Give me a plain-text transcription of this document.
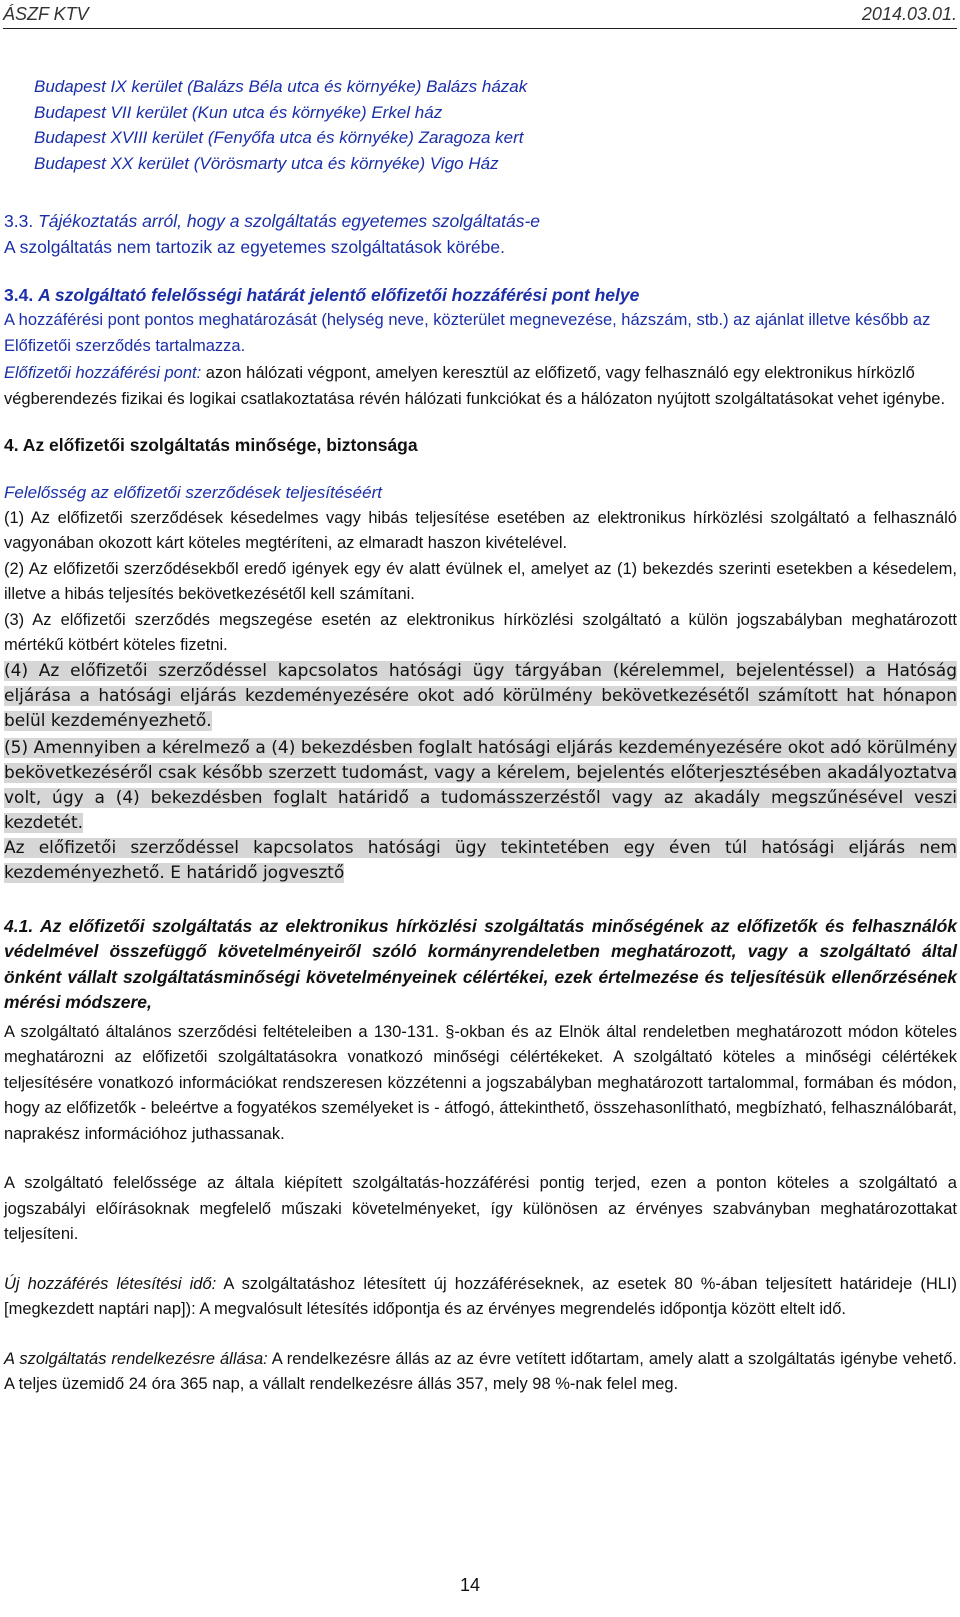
ÁSZF KTV	2014.03.01.
Budapest IX kerület (Balázs Béla utca és környéke) Balázs házak
Budapest VII kerület (Kun utca és környéke) Erkel ház
Budapest XVIII kerület (Fenyőfa utca és környéke) Zaragoza kert
Budapest XX kerület (Vörösmarty utca és környéke) Vigo Ház

3.3. Tájékoztatás arról, hogy a szolgáltatás egyetemes szolgáltatás-e

A szolgáltatás nem tartozik az egyetemes szolgáltatások körébe.

3.4. A szolgáltató felelősségi határát jelentő előfizetői hozzáférési pont helye

A hozzáférési pont pontos meghatározását (helység neve, közterület megnevezése, házszám, stb.) az ajánlat illetve később az Előfizetői szerződés tartalmazza.

Előfizetői hozzáférési pont: azon hálózati végpont, amelyen keresztül az előfizető, vagy felhasználó egy elektronikus hírközlő végberendezés fizikai és logikai csatlakoztatása révén hálózati funkciókat és a hálózaton nyújtott szolgáltatásokat vehet igénybe.

4. Az előfizetői szolgáltatás minősége, biztonsága

Felelősség az előfizetői szerződések teljesítéséért

(1) Az előfizetői szerződések késedelmes vagy hibás teljesítése esetében az elektronikus hírközlési szolgáltató a felhasználó vagyonában okozott kárt köteles megtéríteni, az elmaradt haszon kivételével.

(2) Az előfizetői szerződésekből eredő igények egy év alatt évülnek el, amelyet az (1) bekezdés szerinti esetekben a késedelem, illetve a hibás teljesítés bekövetkezésétől kell számítani.

(3) Az előfizetői szerződés megszegése esetén az elektronikus hírközlési szolgáltató a külön jogszabályban meghatározott mértékű kötbért köteles fizetni.

(4) Az előfizetői szerződéssel kapcsolatos hatósági ügy tárgyában (kérelemmel, bejelentéssel) a Hatóság eljárása a hatósági eljárás kezdeményezésére okot adó körülmény bekövetkezésétől számított hat hónapon belül kezdeményezhető.

(5) Amennyiben a kérelmező a (4) bekezdésben foglalt hatósági eljárás kezdeményezésére okot adó körülmény bekövetkezéséről csak később szerzett tudomást, vagy a kérelem, bejelentés előterjesztésében akadályoztatva volt, úgy a (4) bekezdésben foglalt határidő a tudomásszerzéstől vagy az akadály megszűnésével veszi kezdetét.

Az előfizetői szerződéssel kapcsolatos hatósági ügy tekintetében egy éven túl hatósági eljárás nem kezdeményezhető. E határidő jogvesztő

4.1. Az előfizetői szolgáltatás az elektronikus hírközlési szolgáltatás minőségének az előfizetők és felhasználók védelmével összefüggő követelményeiről szóló kormányrendeletben meghatározott, vagy a szolgáltató által önként vállalt szolgáltatásminőségi követelményeinek célértékei, ezek értelmezése és teljesítésük ellenőrzésének mérési módszere,

A szolgáltató általános szerződési feltételeiben a 130-131. §-okban és az Elnök által rendeletben meghatározott módon köteles meghatározni az előfizetői szolgáltatásokra vonatkozó minőségi célértékeket. A szolgáltató köteles a minőségi célértékek teljesítésére vonatkozó információkat rendszeresen közzétenni a jogszabályban meghatározott tartalommal, formában és módon, hogy az előfizetők - beleértve a fogyatékos személyeket is - átfogó, áttekinthető, összehasonlítható, megbízható, felhasználóbarát, naprakész információhoz juthassanak.

A szolgáltató felelőssége az általa kiépített szolgáltatás-hozzáférési pontig terjed, ezen a ponton köteles a szolgáltató a jogszabályi előírásoknak megfelelő műszaki követelményeket, így különösen az érvényes szabványban meghatározottakat teljesíteni.

Új hozzáférés létesítési idő: A szolgáltatáshoz létesített új hozzáféréseknek, az esetek 80 %-ában teljesített határideje (HLI) [megkezdett naptári nap]): A megvalósult létesítés időpontja és az érvényes megrendelés időpontja között eltelt idő.

A szolgáltatás rendelkezésre állása: A rendelkezésre állás az az évre vetített időtartam, amely alatt a szolgáltatás igénybe vehető. A teljes üzemidő 24 óra 365 nap, a vállalt rendelkezésre állás 357, mely 98 %-nak felel meg.

14
